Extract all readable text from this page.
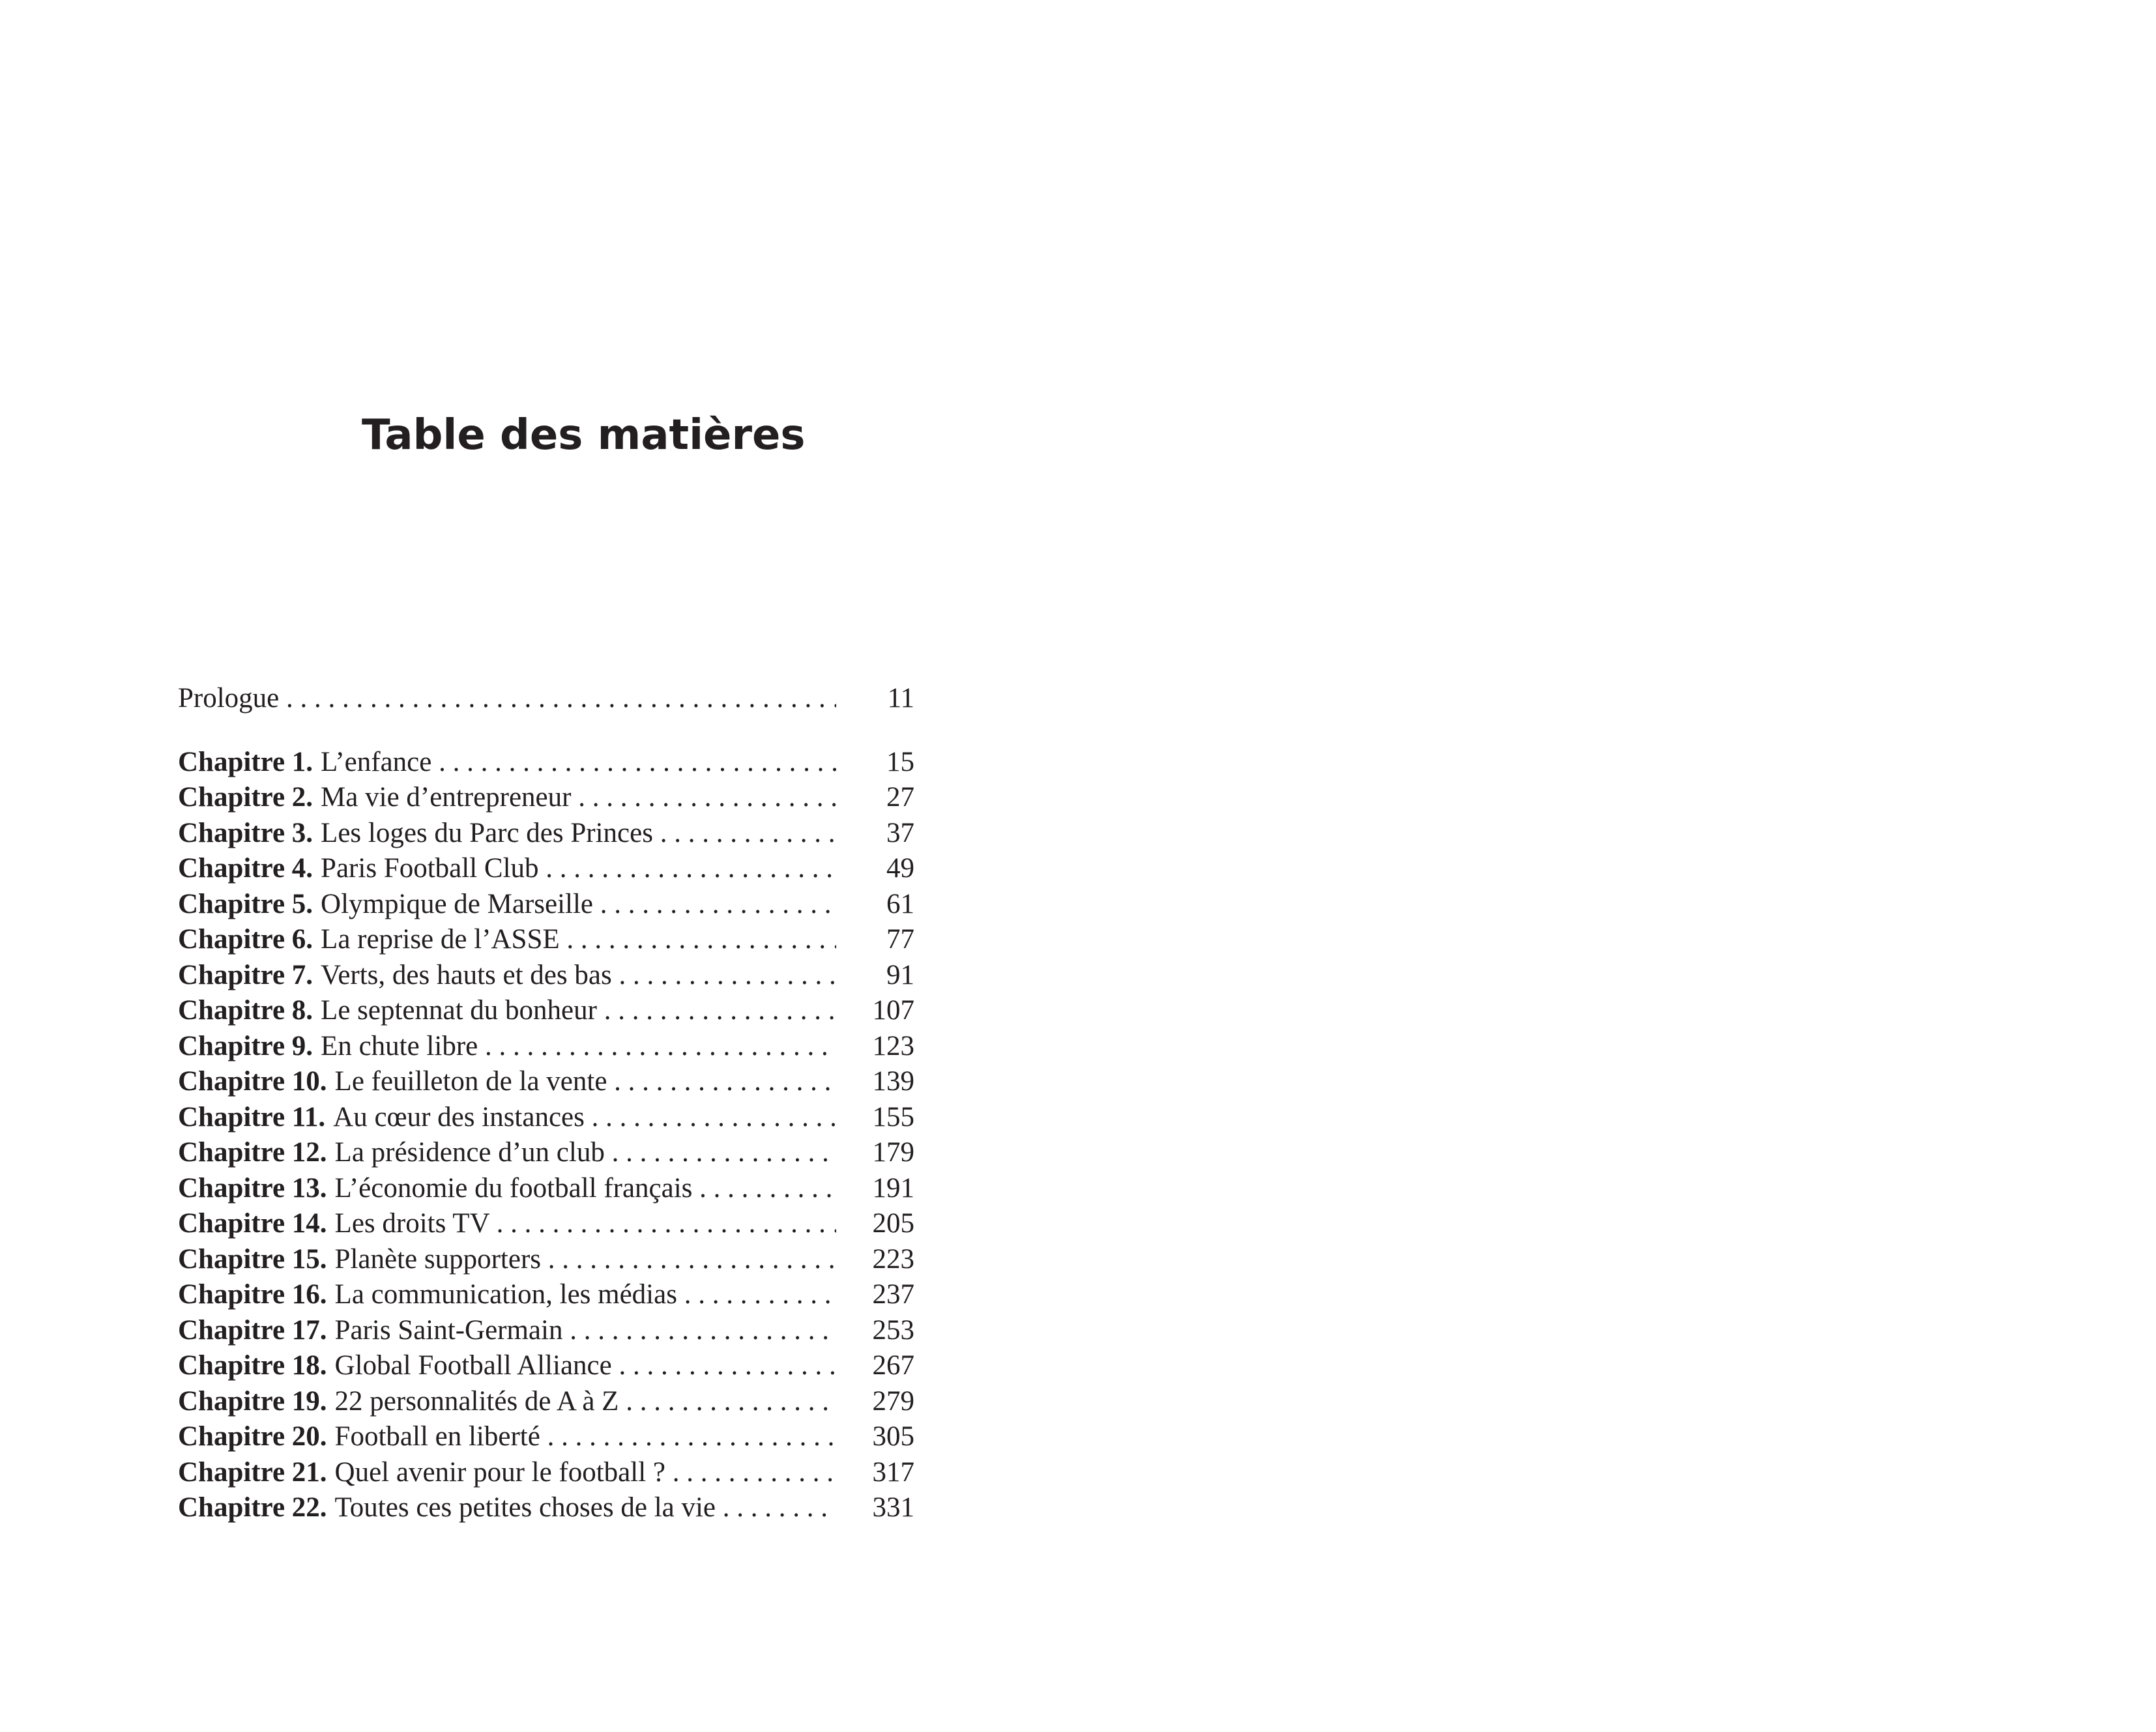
Table des matières
Prologue . . .	11
Chapitre 1. L’enfance . . .	15
Chapitre 2. Ma vie d’entrepreneur . . .	27
Chapitre 3. Les loges du Parc des Princes . . .	37
Chapitre 4. Paris Football Club . . .	49
Chapitre 5. Olympique de Marseille . . .	61
Chapitre 6. La reprise de l’ASSE . . .	77
Chapitre 7. Verts, des hauts et des bas . . .	91
Chapitre 8. Le septennat du bonheur . . .	107
Chapitre 9. En chute libre . . .	123
Chapitre 10. Le feuilleton de la vente . . .	139
Chapitre 11. Au cœur des instances . . .	155
Chapitre 12. La présidence d’un club . . .	179
Chapitre 13. L’économie du football français . . .	191
Chapitre 14. Les droits TV . . .	205
Chapitre 15. Planète supporters . . .	223
Chapitre 16. La communication, les médias . . .	237
Chapitre 17. Paris Saint-Germain . . .	253
Chapitre 18. Global Football Alliance . . .	267
Chapitre 19. 22 personnalités de A à Z . . .	279
Chapitre 20. Football en liberté . . .	305
Chapitre 21. Quel avenir pour le football ? . . .	317
Chapitre 22. Toutes ces petites choses de la vie . . .	331
